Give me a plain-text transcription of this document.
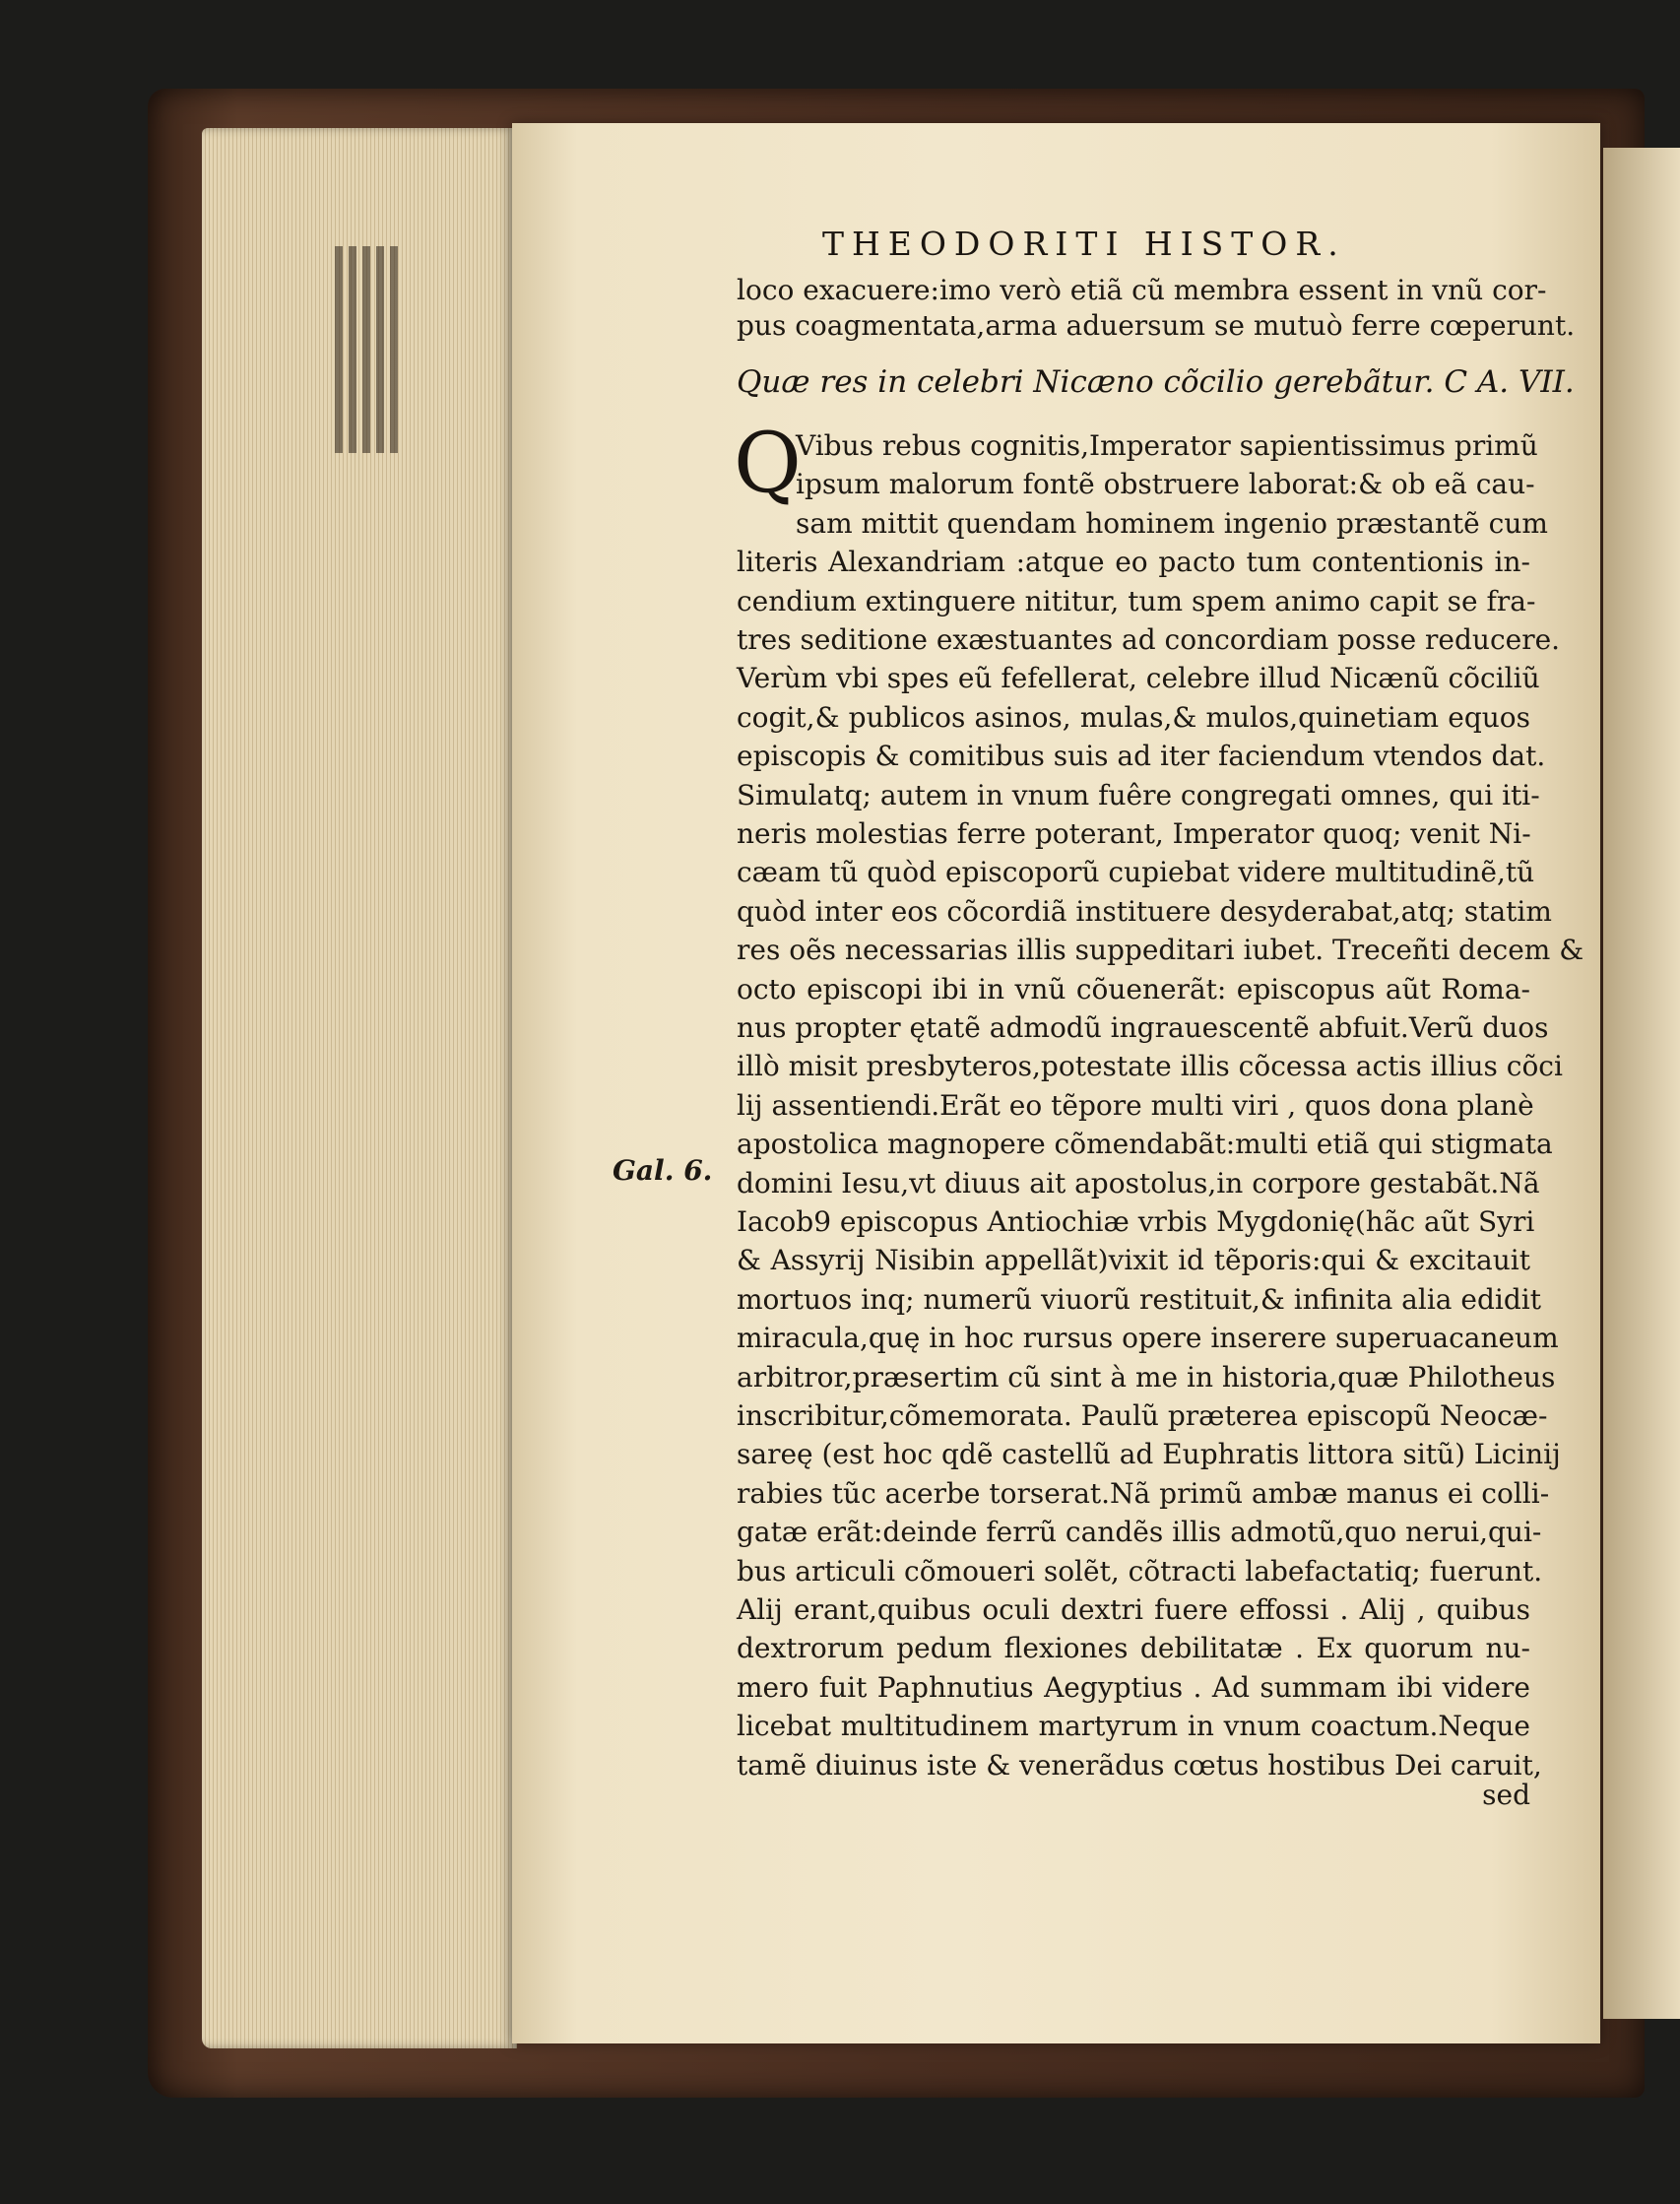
THEODORITI HISTOR.
loco exacuere:imo verò etiã cũ membra essent in vnũ cor-
pus coagmentata,arma aduersum se mutuò ferre cœperunt.
Quæ res in celebri Nicæno cõcilio gerebãtur. C A. VII.
Q
Gal. 6.
Vibus rebus cognitis,Imperator sapientissimus primũ
ipsum malorum fontẽ obstruere laborat:& ob eã cau-
sam mittit quendam hominem ingenio præstantẽ cum
literis Alexandriam :atque eo pacto tum contentionis in-
cendium extinguere nititur, tum spem animo capit se fra-
tres seditione exæstuantes ad concordiam posse reducere.
Verùm vbi spes eũ fefellerat, celebre illud Nicænũ cõciliũ
cogit,& publicos asinos, mulas,& mulos,quinetiam equos
episcopis & comitibus suis ad iter faciendum vtendos dat.
Simulatq; autem in vnum fuêre congregati omnes, qui iti-
neris molestias ferre poterant, Imperator quoq; venit Ni-
cæam tũ quòd episcoporũ cupiebat videre multitudinẽ,tũ
quòd inter eos cõcordiã instituere desyderabat,atq; statim
res oẽs necessarias illis suppeditari iubet. Treceñti decem &
octo episcopi ibi in vnũ cõuenerãt: episcopus aũt Roma-
nus propter ętatẽ admodũ ingrauescentẽ abfuit.Verũ duos
illò misit presbyteros,potestate illis cõcessa actis illius cõci
lij assentiendi.Erãt eo tẽpore multi viri , quos dona planè
apostolica magnopere cõmendabãt:multi etiã qui stigmata
domini Iesu,vt diuus ait apostolus,in corpore gestabãt.Nã
Iacob9 episcopus Antiochiæ vrbis Mygdonię(hãc aũt Syri
& Assyrij Nisibin appellãt)vixit id tẽporis:qui & excitauit
mortuos inq; numerũ viuorũ restituit,& infinita alia edidit
miracula,quę in hoc rursus opere inserere superuacaneum
arbitror,præsertim cũ sint à me in historia,quæ Philotheus
inscribitur,cõmemorata. Paulũ præterea episcopũ Neocæ-
sareę (est hoc qdẽ castellũ ad Euphratis littora sitũ) Licinij
rabies tũc acerbe torserat.Nã primũ ambæ manus ei colli-
gatæ erãt:deinde ferrũ candẽs illis admotũ,quo nerui,qui-
bus articuli cõmoueri solẽt, cõtracti labefactatiq; fuerunt.
Alij erant,quibus oculi dextri fuere effossi . Alij , quibus
dextrorum pedum flexiones debilitatæ . Ex quorum nu-
mero fuit Paphnutius Aegyptius . Ad summam ibi videre
licebat multitudinem martyrum in vnum coactum.Neque
tamẽ diuinus iste & venerãdus cœtus hostibus Dei caruit,
sed
